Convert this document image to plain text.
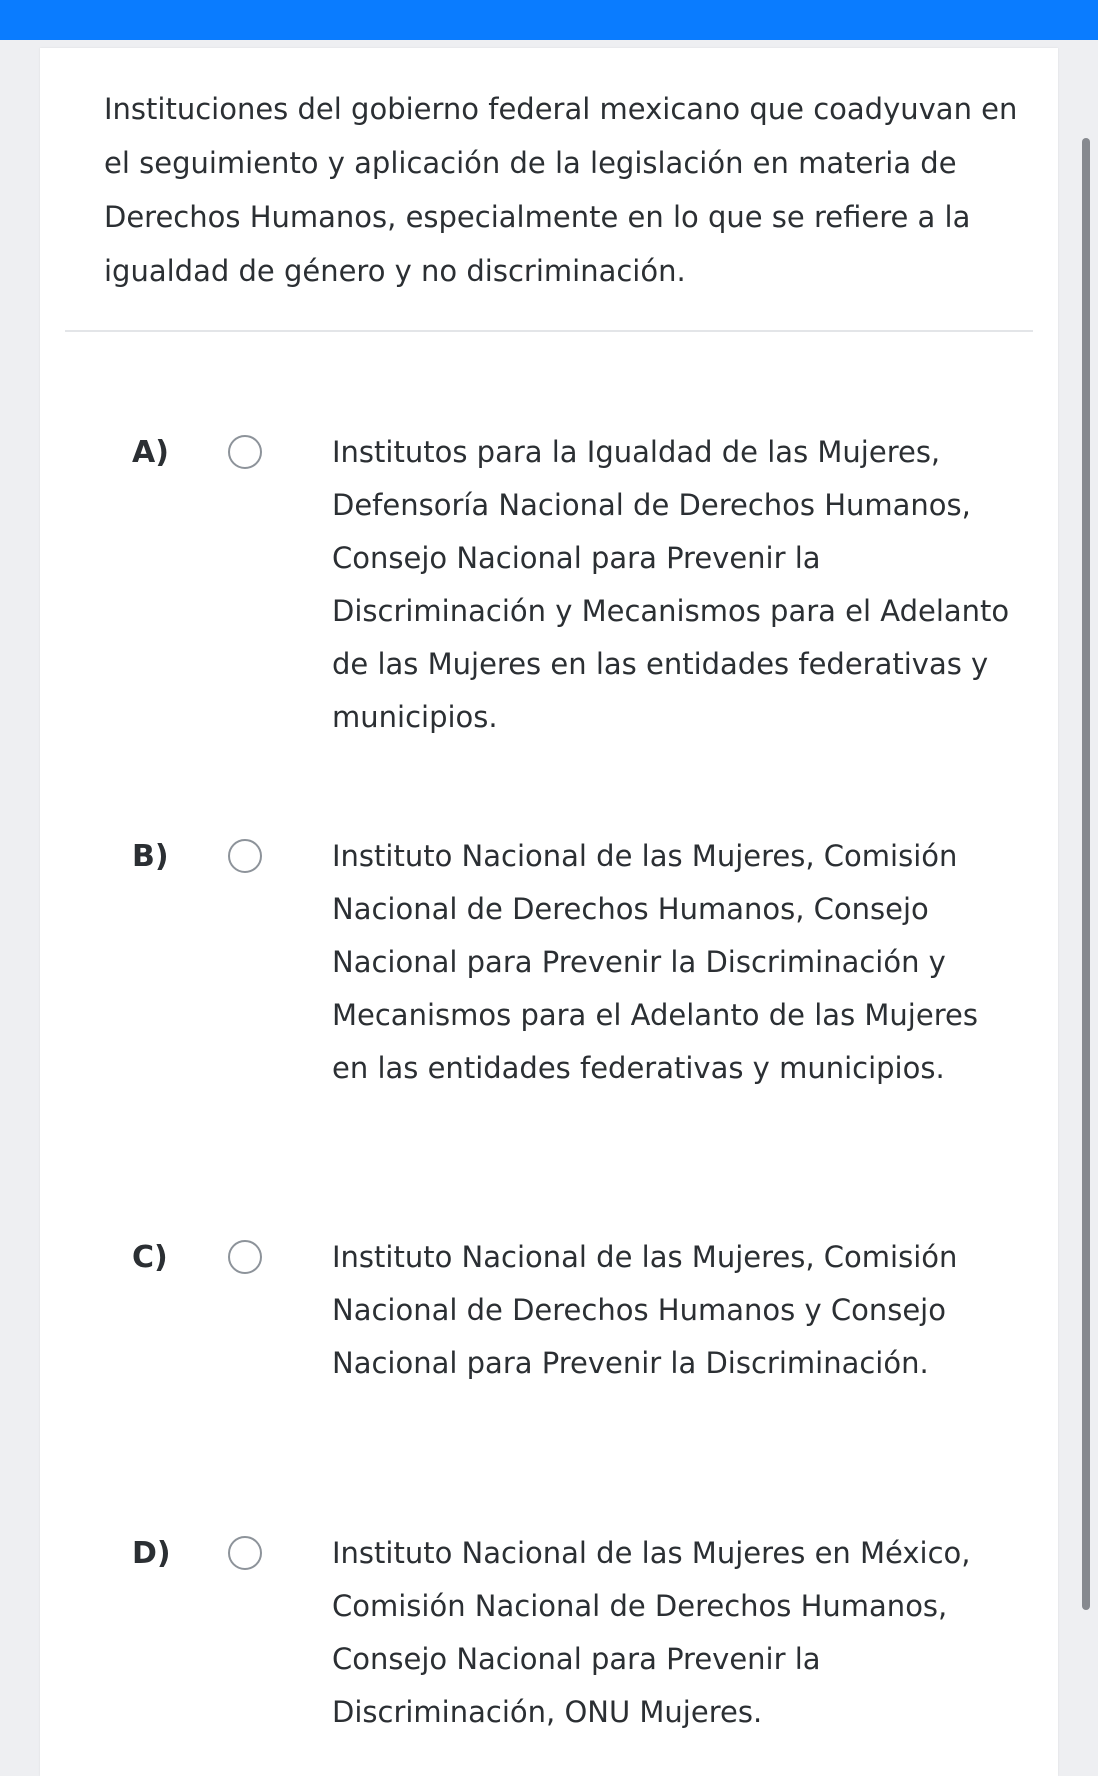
Instituciones del gobierno federal mexicano que coadyuvan en el seguimiento y aplicación de la legislación en materia de Derechos Humanos, especialmente en lo que se refiere a la igualdad de género y no discriminación.
A)	Institutos para la Igualdad de las Mujeres, Defensoría Nacional de Derechos Humanos, Consejo Nacional para Prevenir la Discriminación y Mecanismos para el Adelanto de las Mujeres en las entidades federativas y municipios.
B)	Instituto Nacional de las Mujeres, Comisión Nacional de Derechos Humanos, Consejo Nacional para Prevenir la Discriminación y Mecanismos para el Adelanto de las Mujeres en las entidades federativas y municipios.
C)	Instituto Nacional de las Mujeres, Comisión Nacional de Derechos Humanos y Consejo Nacional para Prevenir la Discriminación.
D)	Instituto Nacional de las Mujeres en México, Comisión Nacional de Derechos Humanos, Consejo Nacional para Prevenir la Discriminación, ONU Mujeres.
